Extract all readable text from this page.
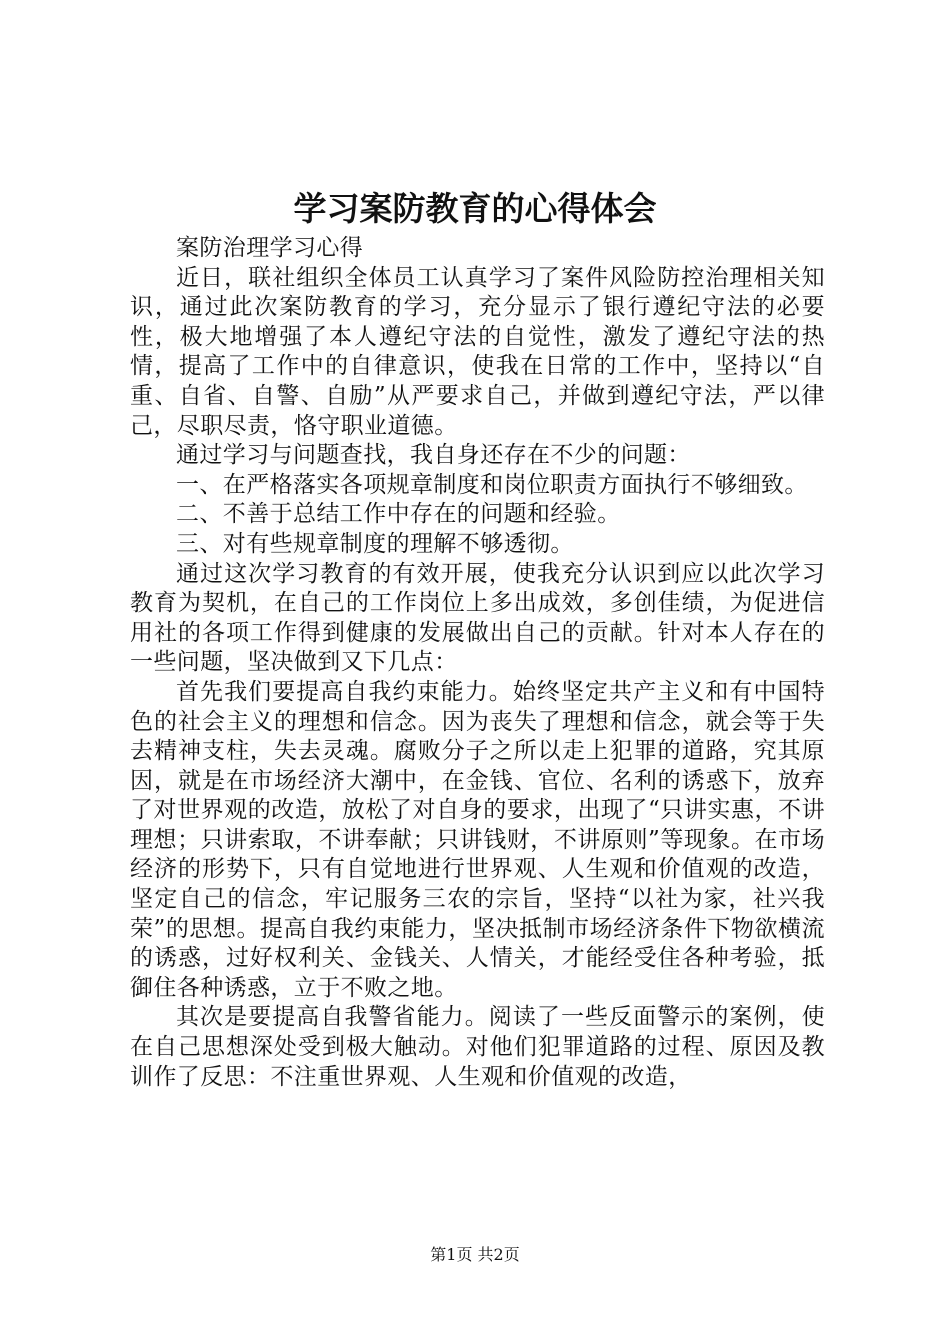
学习案防教育的心得体会

案防治理学习心得

近日，联社组织全体员工认真学习了案件风险防控治理相关知识，通过此次案防教育的学习，充分显示了银行遵纪守法的必要性，极大地增强了本人遵纪守法的自觉性，激发了遵纪守法的热情，提高了工作中的自律意识，使我在日常的工作中，坚持以“自重、自省、自警、自励”从严要求自己，并做到遵纪守法，严以律己，尽职尽责，恪守职业道德。

通过学习与问题查找，我自身还存在不少的问题：

一、在严格落实各项规章制度和岗位职责方面执行不够细致。

二、不善于总结工作中存在的问题和经验。

三、对有些规章制度的理解不够透彻。

通过这次学习教育的有效开展，使我充分认识到应以此次学习教育为契机，在自己的工作岗位上多出成效，多创佳绩，为促进信用社的各项工作得到健康的发展做出自己的贡献。针对本人存在的一些问题，坚决做到又下几点：

首先我们要提高自我约束能力。始终坚定共产主义和有中国特色的社会主义的理想和信念。因为丧失了理想和信念，就会等于失去精神支柱，失去灵魂。腐败分子之所以走上犯罪的道路，究其原因，就是在市场经济大潮中，在金钱、官位、名利的诱惑下，放弃了对世界观的改造，放松了对自身的要求，出现了“只讲实惠，不讲理想；只讲索取，不讲奉献；只讲钱财，不讲原则”等现象。在市场经济的形势下，只有自觉地进行世界观、人生观和价值观的改造，坚定自己的信念，牢记服务三农的宗旨，坚持“以社为家，社兴我荣”的思想。提高自我约束能力，坚决抵制市场经济条件下物欲横流的诱惑，过好权利关、金钱关、人情关，才能经受住各种考验，抵御住各种诱惑，立于不败之地。

其次是要提高自我警省能力。阅读了一些反面警示的案例，使在自己思想深处受到极大触动。对他们犯罪道路的过程、原因及教训作了反思：不注重世界观、人生观和价值观的改造，

第1页 共2页
